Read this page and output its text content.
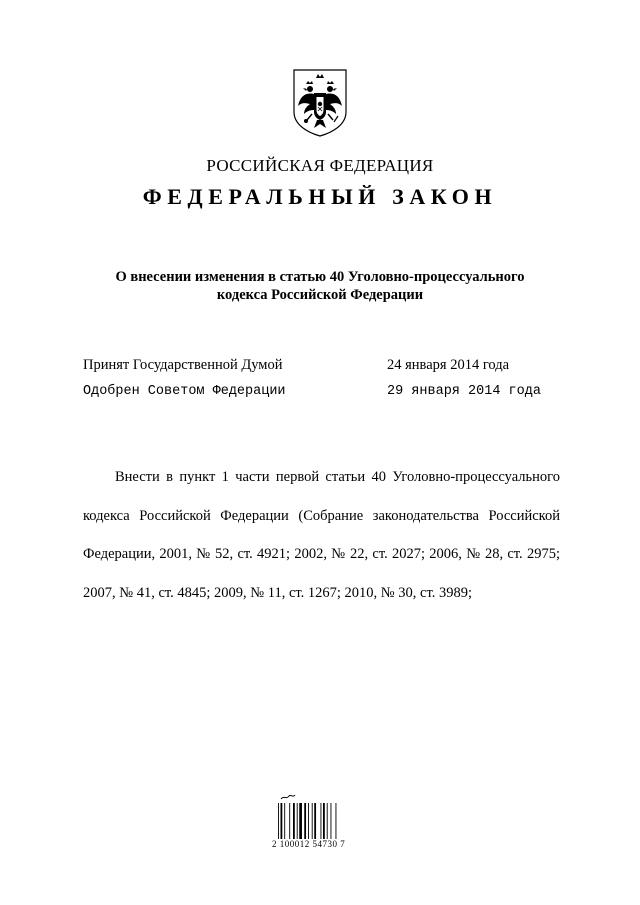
РОССИЙСКАЯ ФЕДЕРАЦИЯ
ФЕДЕРАЛЬНЫЙ ЗАКОН
О внесении изменения в статью 40 Уголовно-процессуального
кодекса Российской Федерации
Принят Государственной Думой	24 января 2014 года
Одобрен Советом Федерации	29 января 2014 года

Внести в пункт 1 части первой статьи 40 Уголовно-процессуального кодекса Российской Федерации (Собрание законодательства Российской Федерации, 2001, № 52, ст. 4921; 2002, № 22, ст. 2027; 2006, № 28, ст. 2975; 2007, № 41, ст. 4845; 2009, № 11, ст. 1267; 2010, № 30, ст. 3989;

2 100012 54730 7
